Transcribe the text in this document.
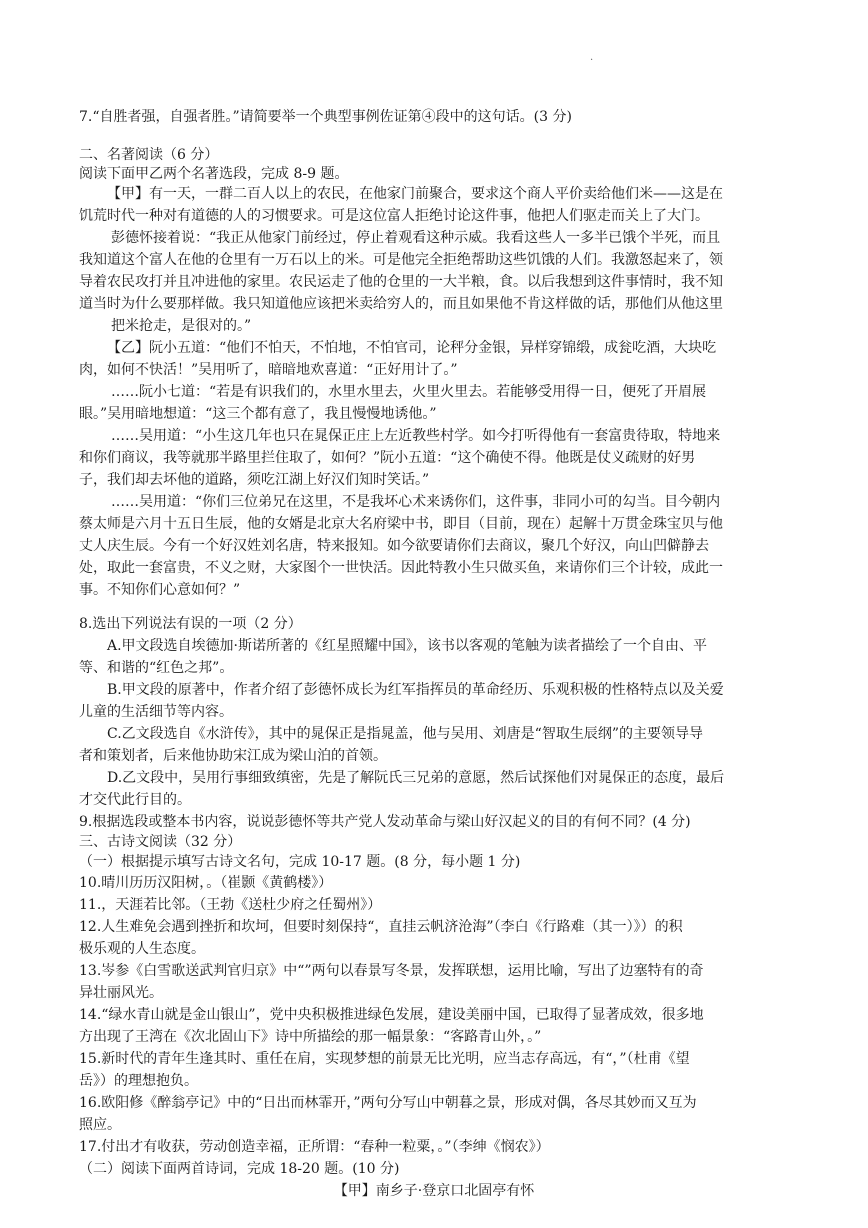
.
7.“自胜者强，自强者胜。”请简要举一个典型事例佐证第④段中的这句话。(3 分)
二、名著阅读（6 分）
阅读下面甲乙两个名著选段，完成 8-9 题。
【甲】有一天，一群二百人以上的农民，在他家门前聚合，要求这个商人平价卖给他们米——这是在
饥荒时代一种对有道德的人的习惯要求。可是这位富人拒绝讨论这件事，他把人们驱走而关上了大门。
彭德怀接着说：“我正从他家门前经过，停止着观看这种示威。我看这些人一多半已饿个半死，而且
我知道这个富人在他的仓里有一万石以上的米。可是他完全拒绝帮助这些饥饿的人们。我激怒起来了，领
导着农民攻打并且冲进他的家里。农民运走了他的仓里的一大半粮，食。以后我想到这件事情时，我不知
道当时为什么要那样做。我只知道他应该把米卖给穷人的，而且如果他不肯这样做的话，那他们从他这里
把米抢走，是很对的。”
【乙】阮小五道：“他们不怕天，不怕地，不怕官司，论秤分金银，异样穿锦缎，成瓮吃酒，大块吃
肉，如何不快活！”吴用听了，暗暗地欢喜道：“正好用计了。”
……阮小七道：“若是有识我们的，水里水里去，火里火里去。若能够受用得一日，便死了开眉展
眼。”吴用暗地想道：“这三个都有意了，我且慢慢地诱他。”
……吴用道：“小生这几年也只在晁保正庄上左近教些村学。如今打听得他有一套富贵待取，特地来
和你们商议，我等就那半路里拦住取了，如何？”阮小五道：“这个确使不得。他既是仗义疏财的好男
子，我们却去坏他的道路，须吃江湖上好汉们知时笑话。”
……吴用道：“你们三位弟兄在这里，不是我坏心术来诱你们，这件事，非同小可的勾当。目今朝内
蔡太师是六月十五日生辰，他的女婿是北京大名府梁中书，即目（目前，现在）起解十万贯金珠宝贝与他
丈人庆生辰。今有一个好汉姓刘名唐，特来报知。如今欲要请你们去商议，聚几个好汉，向山凹僻静去
处，取此一套富贵，不义之财，大家图个一世快活。因此特教小生只做买鱼，来请你们三个计较，成此一
事。不知你们心意如何？”
8.选出下列说法有误的一项（2 分）
A.甲文段选自埃德加·斯诺所著的《红星照耀中国》，该书以客观的笔触为读者描绘了一个自由、平
等、和谐的“红色之邦”。
B.甲文段的原著中，作者介绍了彭德怀成长为红军指挥员的革命经历、乐观积极的性格特点以及关爱
儿童的生活细节等内容。
C.乙文段选自《水浒传》，其中的晁保正是指晁盖，他与吴用、刘唐是“智取生辰纲”的主要领导导
者和策划者，后来他协助宋江成为梁山泊的首领。
D.乙文段中，吴用行事细致缜密，先是了解阮氏三兄弟的意愿，然后试探他们对晁保正的态度，最后
才交代此行目的。
9.根据选段或整本书内容，说说彭德怀等共产党人发动革命与梁山好汉起义的目的有何不同？(4 分)
三、古诗文阅读（32 分）
（一）根据提示填写古诗文名句，完成 10-17 题。(8 分，每小题 1 分)
10.晴川历历汉阳树，。（崔颢《黄鹤楼》）
11.，天涯若比邻。（王勃《送杜少府之任蜀州》）
12.人生难免会遇到挫折和坎坷，但要时刻保持“，直挂云帆济沧海”（李白《行路难（其一）》）的积
极乐观的人生态度。
13.岑参《白雪歌送武判官归京》中“”两句以春景写冬景，发挥联想，运用比喻，写出了边塞特有的奇
异壮丽风光。
14.“绿水青山就是金山银山”，党中央积极推进绿色发展，建设美丽中国，已取得了显著成效，很多地
方出现了王湾在《次北固山下》诗中所描绘的那一幅景象：“客路青山外，。”
15.新时代的青年生逢其时、重任在肩，实现梦想的前景无比光明，应当志存高远，有“，”（杜甫《望
岳》）的理想抱负。
16.欧阳修《醉翁亭记》中的“日出而林霏开，”两句分写山中朝暮之景，形成对偶，各尽其妙而又互为
照应。
17.付出才有收获，劳动创造幸福，正所谓：“春种一粒粟，。”（李绅《悯农》）
（二）阅读下面两首诗词，完成 18-20 题。(10 分)
【甲】南乡子·登京口北固亭有怀
